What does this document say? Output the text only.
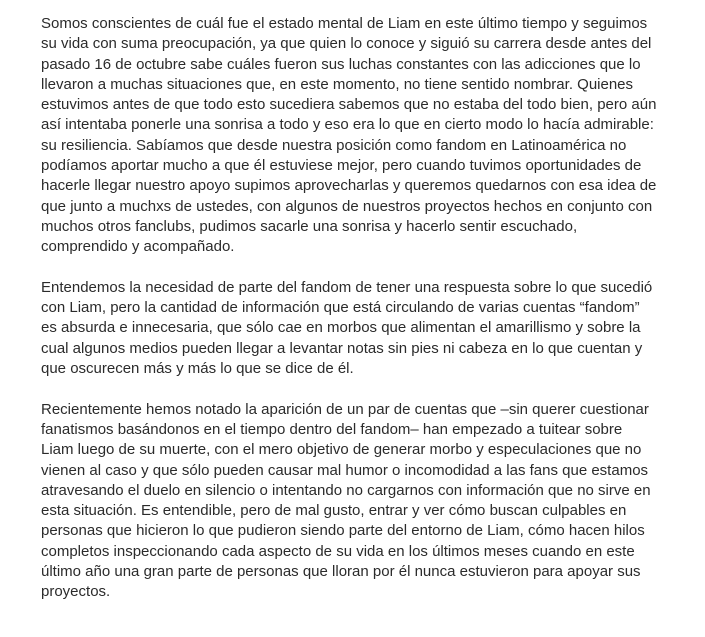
Somos conscientes de cuál fue el estado mental de Liam en este último tiempo y seguimos
su vida con suma preocupación, ya que quien lo conoce y siguió su carrera desde antes del
pasado 16 de octubre sabe cuáles fueron sus luchas constantes con las adicciones que lo
llevaron a muchas situaciones que, en este momento, no tiene sentido nombrar. Quienes
estuvimos antes de que todo esto sucediera sabemos que no estaba del todo bien, pero aún
así intentaba ponerle una sonrisa a todo y eso era lo que en cierto modo lo hacía admirable:
su resiliencia. Sabíamos que desde nuestra posición como fandom en Latinoamérica no
podíamos aportar mucho a que él estuviese mejor, pero cuando tuvimos oportunidades de
hacerle llegar nuestro apoyo supimos aprovecharlas y queremos quedarnos con esa idea de
que junto a muchxs de ustedes, con algunos de nuestros proyectos hechos en conjunto con
muchos otros fanclubs, pudimos sacarle una sonrisa y hacerlo sentir escuchado,
comprendido y acompañado.

Entendemos la necesidad de parte del fandom de tener una respuesta sobre lo que sucedió
con Liam, pero la cantidad de información que está circulando de varias cuentas “fandom”
es absurda e innecesaria, que sólo cae en morbos que alimentan el amarillismo y sobre la
cual algunos medios pueden llegar a levantar notas sin pies ni cabeza en lo que cuentan y
que oscurecen más y más lo que se dice de él.

Recientemente hemos notado la aparición de un par de cuentas que –sin querer cuestionar
fanatismos basándonos en el tiempo dentro del fandom– han empezado a tuitear sobre
Liam luego de su muerte, con el mero objetivo de generar morbo y especulaciones que no
vienen al caso y que sólo pueden causar mal humor o incomodidad a las fans que estamos
atravesando el duelo en silencio o intentando no cargarnos con información que no sirve en
esta situación. Es entendible, pero de mal gusto, entrar y ver cómo buscan culpables en
personas que hicieron lo que pudieron siendo parte del entorno de Liam, cómo hacen hilos
completos inspeccionando cada aspecto de su vida en los últimos meses cuando en este
último año una gran parte de personas que lloran por él nunca estuvieron para apoyar sus
proyectos.
